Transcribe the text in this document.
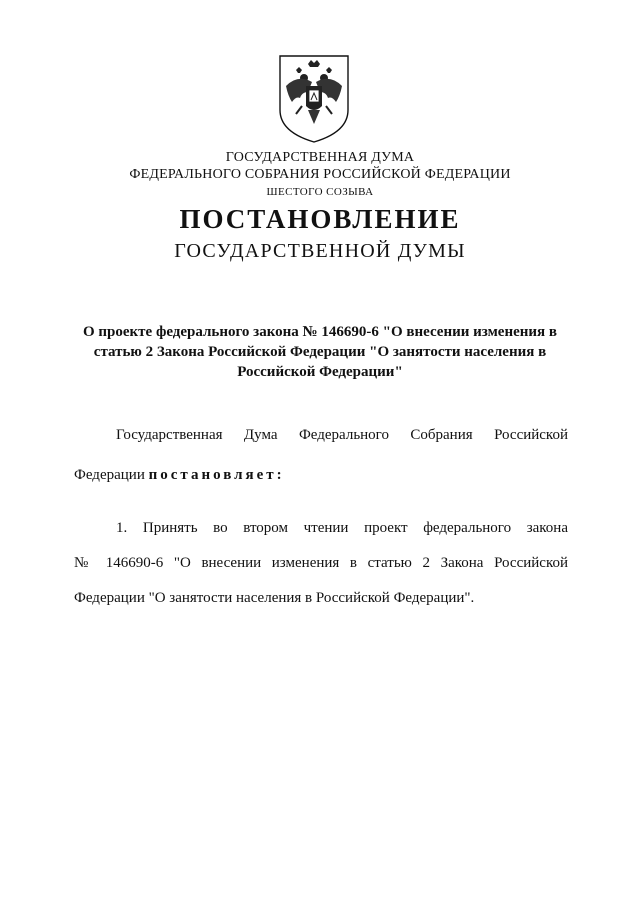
ГОСУДАРСТВЕННАЯ ДУМА
ФЕДЕРАЛЬНОГО СОБРАНИЯ РОССИЙСКОЙ ФЕДЕРАЦИИ
ШЕСТОГО СОЗЫВА
ПОСТАНОВЛЕНИЕ
ГОСУДАРСТВЕННОЙ ДУМЫ
О проекте федерального закона № 146690-6 "О внесении изменения в статью 2 Закона Российской Федерации "О занятости населения в Российской Федерации"
Государственная Дума Федерального Собрания Российской
Федерации постановляет:
1. Принять во втором чтении проект федерального закона
№ 146690-6 "О внесении изменения в статью 2 Закона Российской
Федерации "О занятости населения в Российской Федерации".
